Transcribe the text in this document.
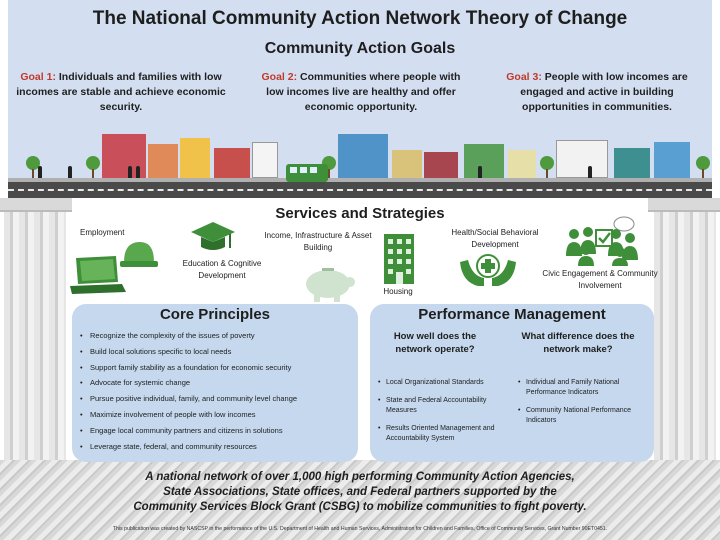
The National Community Action Network Theory of Change
Community Action Goals
Goal 1: Individuals and families with low incomes are stable and achieve economic security.
Goal 2: Communities where people with low incomes live are healthy and offer economic opportunity.
Goal 3: People with low incomes are engaged and active in building opportunities in communities.
Services and Strategies
Employment
Education & Cognitive Development
Income, Infrastructure & Asset Building
Health/Social Behavioral Development
Housing
Civic Engagement & Community Involvement
Core Principles
• Recognize the complexity of the issues of poverty
• Build local solutions specific to local needs
• Support family stability as a foundation for economic security
• Advocate for systemic change
• Pursue positive individual, family, and community level change
• Maximize involvement of people with low incomes
• Engage local community partners and citizens in solutions
• Leverage state, federal, and community resources
Performance Management
How well does the network operate?
What difference does the network make?
• Local Organizational Standards
• State and Federal Accountability Measures
• Results Oriented Management and Accountability System
• Individual and Family National Performance Indicators
• Community National Performance Indicators
A national network of over 1,000 high performing Community Action Agencies,
State Associations, State offices, and Federal partners supported by the
Community Services Block Grant (CSBG) to mobilize communities to fight poverty.
This publication was created by NASCSP in the performance of the U.S. Department of Health and Human Services, Administration for Children and Families, Office of Community Services, Grant Number 90ET0451.
